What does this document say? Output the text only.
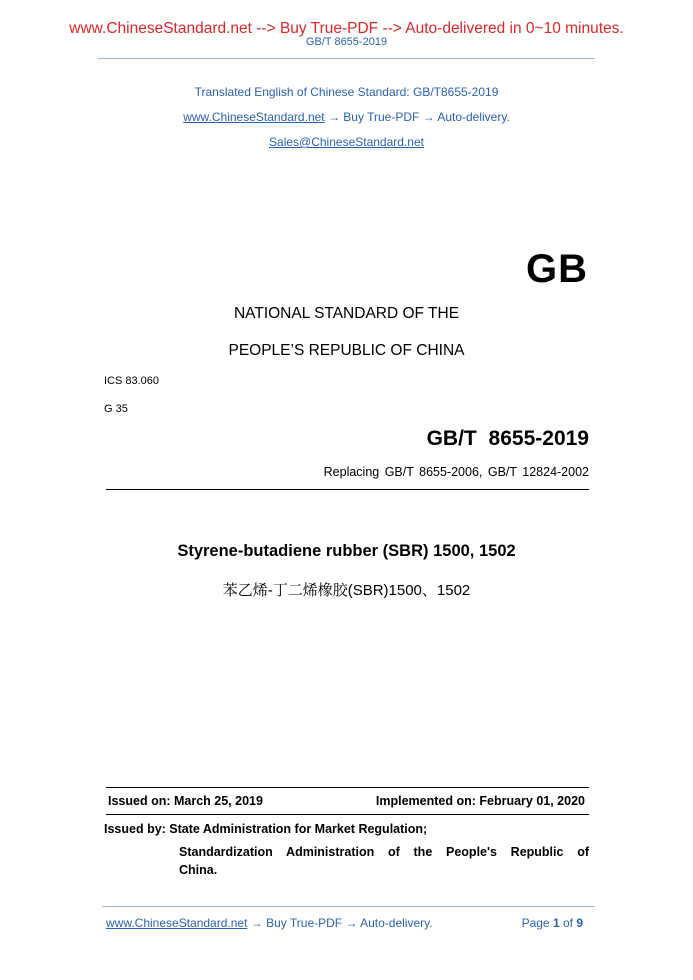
www.ChineseStandard.net --> Buy True-PDF --> Auto-delivered in 0~10 minutes.
GB/T 8655-2019
Translated English of Chinese Standard: GB/T8655-2019
www.ChineseStandard.net → Buy True-PDF → Auto-delivery.
Sales@ChineseStandard.net
GB
NATIONAL STANDARD OF THE
PEOPLE’S REPUBLIC OF CHINA
ICS 83.060
G 35
GB/T 8655-2019
Replacing GB/T 8655-2006, GB/T 12824-2002
Styrene-butadiene rubber (SBR) 1500, 1502
苯乙烯-丁二烯橡胶(SBR)1500、1502
Issued on: March 25, 2019	Implemented on: February 01, 2020
Issued by: State Administration for Market Regulation;
Standardization Administration of the People's Republic of
China.
www.ChineseStandard.net → Buy True-PDF → Auto-delivery.	Page 1 of 9
